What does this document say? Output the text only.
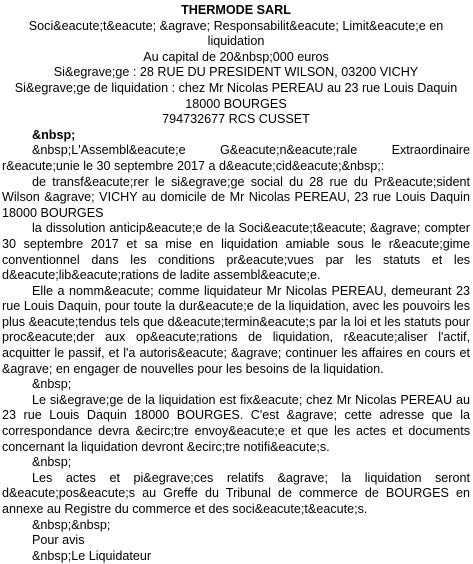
THERMODE SARL
Soci&eacute;t&eacute; &agrave; Responsabilit&eacute; Limit&eacute;e en liquidation
Au capital de 20&nbsp;000 euros
Si&egrave;ge : 28 RUE DU PRESIDENT WILSON, 03200 VICHY
Si&egrave;ge de liquidation : chez Mr Nicolas PEREAU au 23 rue Louis Daquin 18000 BOURGES
794732677 RCS CUSSET

&nbsp;

&nbsp;L'Assembl&eacute;e G&eacute;n&eacute;rale Extraordinaire r&eacute;unie le 30 septembre 2017 a d&eacute;cid&eacute;&nbsp;:

de transf&eacute;rer le si&egrave;ge social du 28 rue du Pr&eacute;sident Wilson &agrave; VICHY au domicile de Mr Nicolas PEREAU, 23 rue Louis Daquin 18000 BOURGES

la dissolution anticip&eacute;e de la Soci&eacute;t&eacute; &agrave; compter 30 septembre 2017 et sa mise en liquidation amiable sous le r&eacute;gime conventionnel dans les conditions pr&eacute;vues par les statuts et les d&eacute;lib&eacute;rations de ladite assembl&eacute;e.

Elle a nomm&eacute; comme liquidateur Mr Nicolas PEREAU, demeurant 23 rue Louis Daquin, pour toute la dur&eacute;e de la liquidation, avec les pouvoirs les plus &eacute;tendus tels que d&eacute;termin&eacute;s par la loi et les statuts pour proc&eacute;der aux op&eacute;rations de liquidation, r&eacute;aliser l'actif, acquitter le passif, et l'a autoris&eacute; &agrave; continuer les affaires en cours et &agrave; en engager de nouvelles pour les besoins de la liquidation.

&nbsp;

Le si&egrave;ge de la liquidation est fix&eacute; chez Mr Nicolas PEREAU au 23 rue Louis Daquin 18000 BOURGES. C'est &agrave; cette adresse que la correspondance devra &ecirc;tre envoy&eacute;e et que les actes et documents concernant la liquidation devront &ecirc;tre notifi&eacute;s.

&nbsp;

Les actes et pi&egrave;ces relatifs &agrave; la liquidation seront d&eacute;pos&eacute;s au Greffe du Tribunal de commerce de BOURGES en annexe au Registre du commerce et des soci&eacute;t&eacute;s.

&nbsp;&nbsp;

Pour avis

&nbsp;Le Liquidateur
